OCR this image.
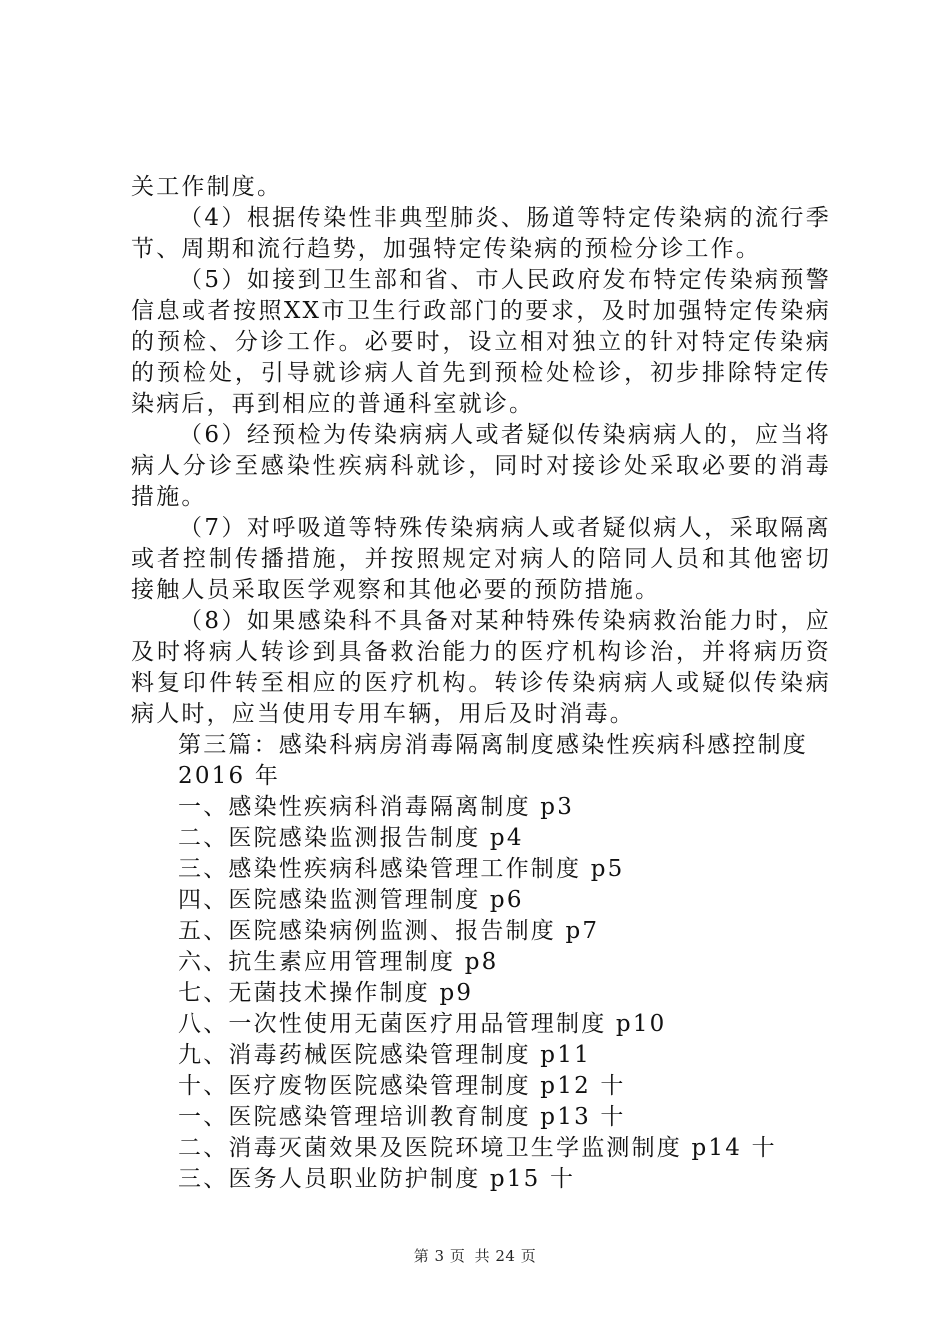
关工作制度。

（4）根据传染性非典型肺炎、肠道等特定传染病的流行季节、周期和流行趋势，加强特定传染病的预检分诊工作。

（5）如接到卫生部和省、市人民政府发布特定传染病预警信息或者按照XX市卫生行政部门的要求，及时加强特定传染病的预检、分诊工作。必要时，设立相对独立的针对特定传染病的预检处，引导就诊病人首先到预检处检诊，初步排除特定传染病后，再到相应的普通科室就诊。

（6）经预检为传染病病人或者疑似传染病病人的，应当将病人分诊至感染性疾病科就诊，同时对接诊处采取必要的消毒措施。

（7）对呼吸道等特殊传染病病人或者疑似病人，采取隔离或者控制传播措施，并按照规定对病人的陪同人员和其他密切接触人员采取医学观察和其他必要的预防措施。

（8）如果感染科不具备对某种特殊传染病救治能力时，应及时将病人转诊到具备救治能力的医疗机构诊治，并将病历资料复印件转至相应的医疗机构。转诊传染病病人或疑似传染病病人时，应当使用专用车辆，用后及时消毒。

第三篇：感染科病房消毒隔离制度感染性疾病科感控制度

2016 年

一、感染性疾病科消毒隔离制度 p3

二、医院感染监测报告制度 p4

三、感染性疾病科感染管理工作制度 p5

四、医院感染监测管理制度 p6

五、医院感染病例监测、报告制度 p7

六、抗生素应用管理制度 p8

七、无菌技术操作制度 p9

八、一次性使用无菌医疗用品管理制度 p10

九、消毒药械医院感染管理制度 p11

十、医疗废物医院感染管理制度 p12 十

一、医院感染管理培训教育制度 p13 十

二、消毒灭菌效果及医院环境卫生学监测制度 p14 十

三、医务人员职业防护制度 p15 十

第 3 页 共 24 页
